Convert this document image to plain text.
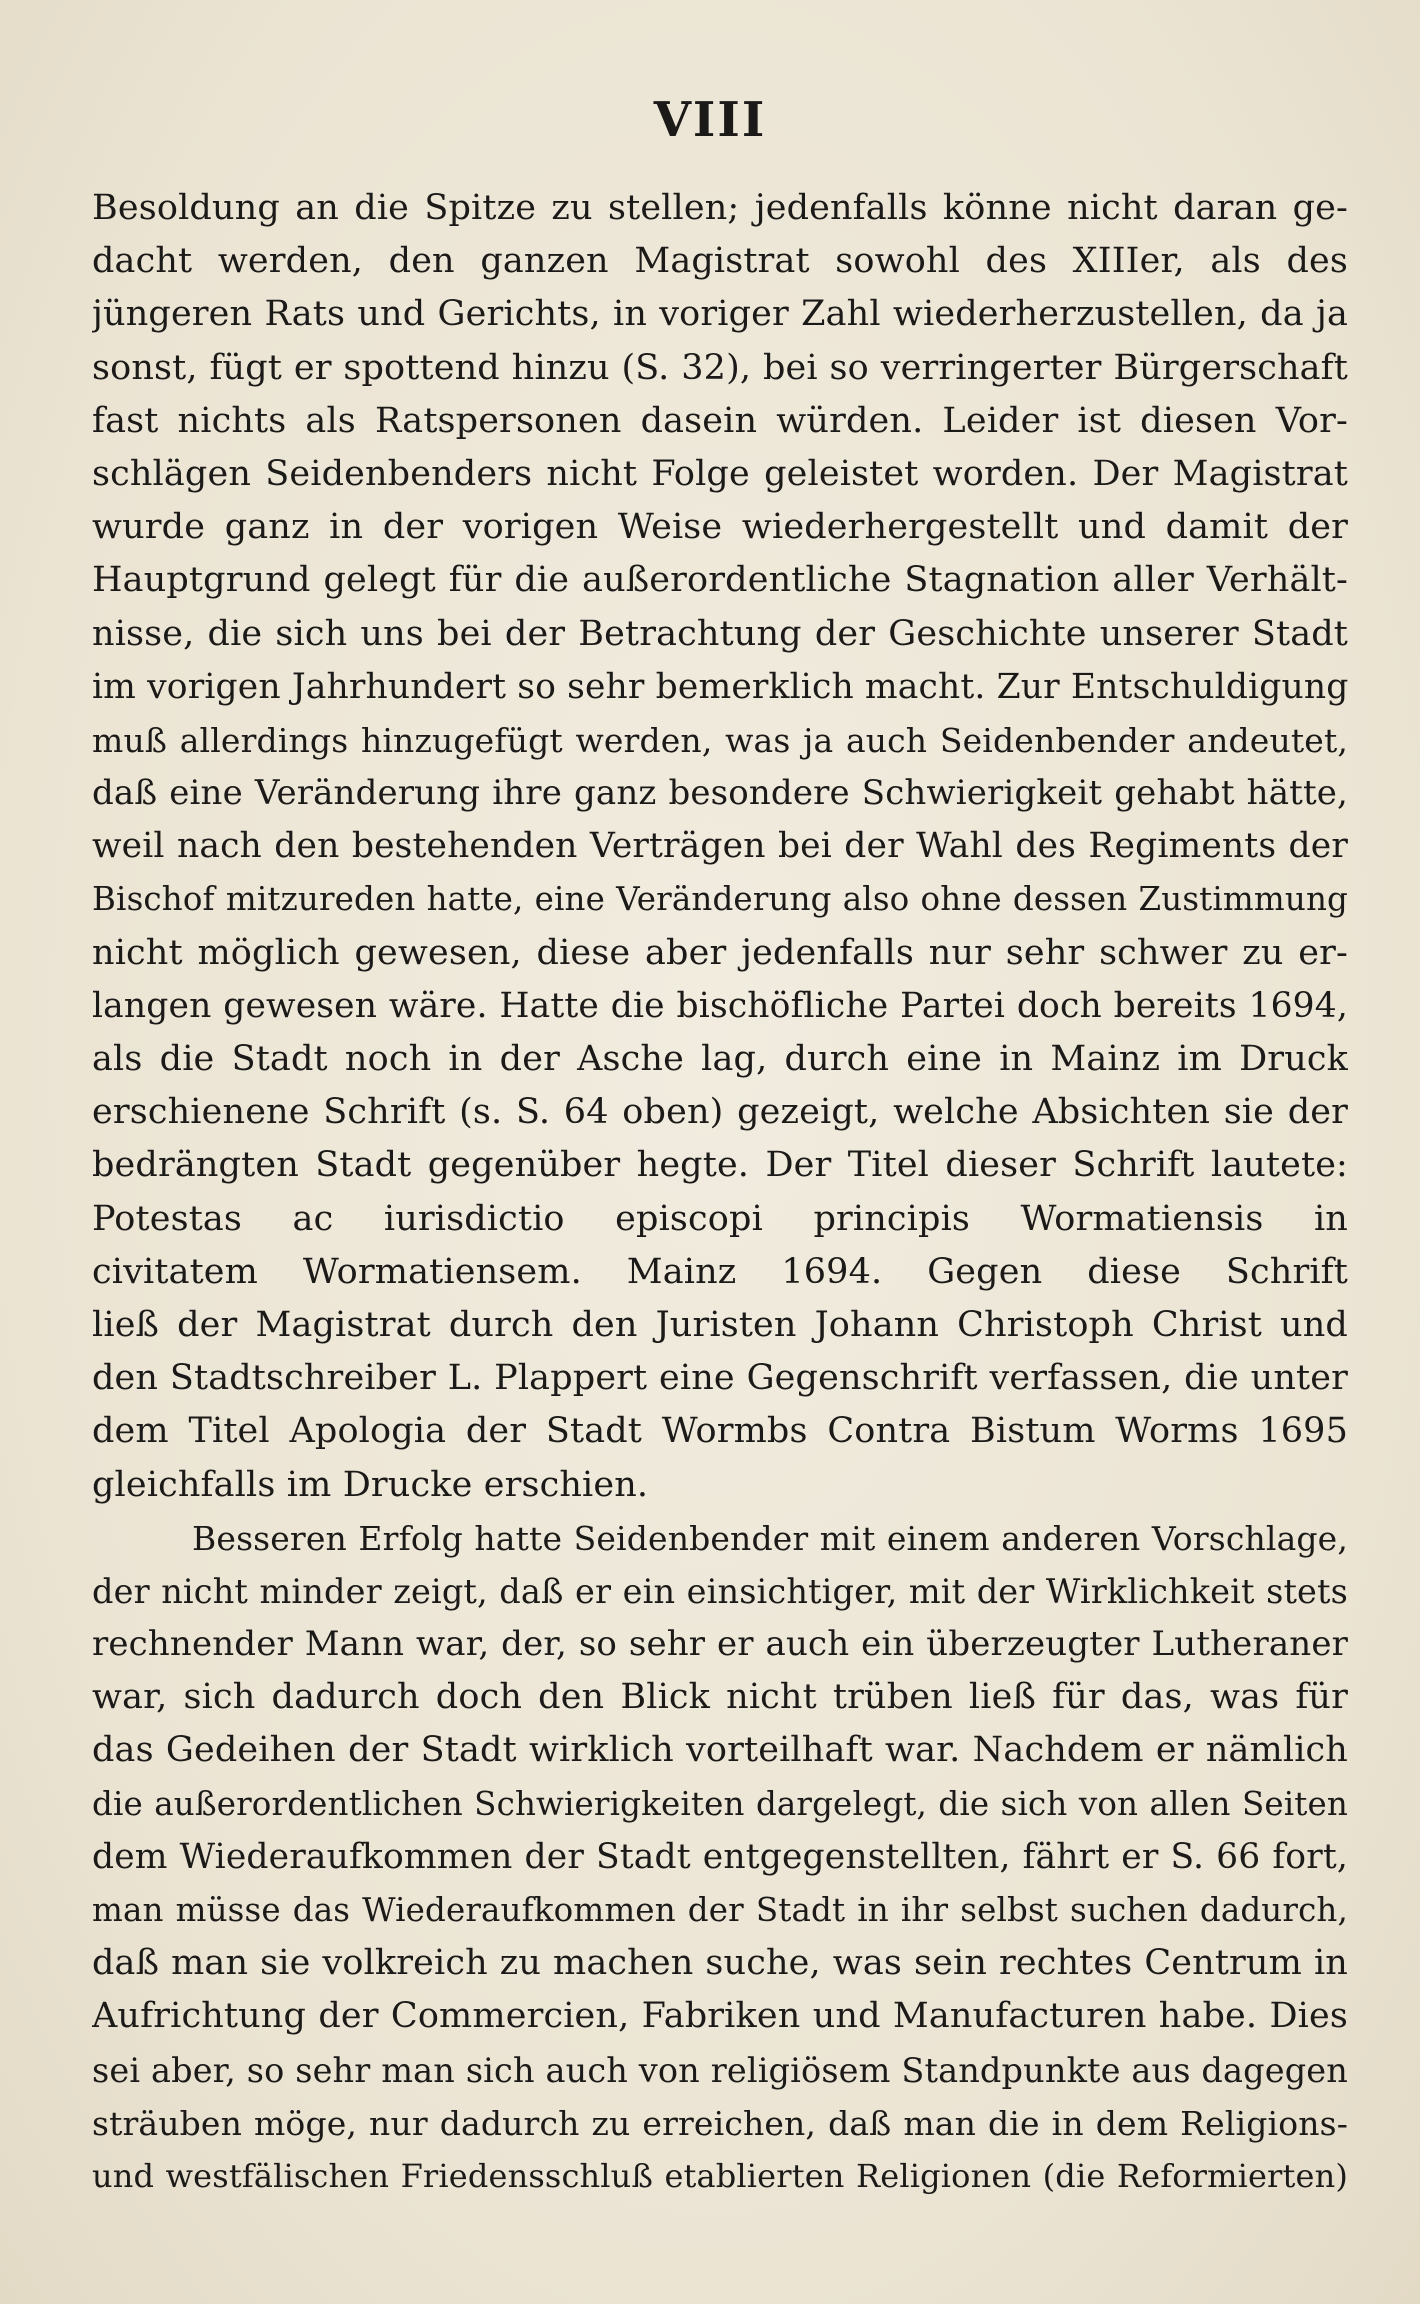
VIII
Besoldung an die Spitze zu stellen; jedenfalls könne nicht daran ge-
dacht werden, den ganzen Magistrat sowohl des XIIIer, als des
jüngeren Rats und Gerichts, in voriger Zahl wiederherzustellen, da ja
sonst, fügt er spottend hinzu (S. 32), bei so verringerter Bürgerschaft
fast nichts als Ratspersonen dasein würden. Leider ist diesen Vor-
schlägen Seidenbenders nicht Folge geleistet worden. Der Magistrat
wurde ganz in der vorigen Weise wiederhergestellt und damit der
Hauptgrund gelegt für die außerordentliche Stagnation aller Verhält-
nisse, die sich uns bei der Betrachtung der Geschichte unserer Stadt
im vorigen Jahrhundert so sehr bemerklich macht. Zur Entschuldigung
muß allerdings hinzugefügt werden, was ja auch Seidenbender andeutet,
daß eine Veränderung ihre ganz besondere Schwierigkeit gehabt hätte,
weil nach den bestehenden Verträgen bei der Wahl des Regiments der
Bischof mitzureden hatte, eine Veränderung also ohne dessen Zustimmung
nicht möglich gewesen, diese aber jedenfalls nur sehr schwer zu er-
langen gewesen wäre. Hatte die bischöfliche Partei doch bereits 1694,
als die Stadt noch in der Asche lag, durch eine in Mainz im Druck
erschienene Schrift (s. S. 64 oben) gezeigt, welche Absichten sie der
bedrängten Stadt gegenüber hegte. Der Titel dieser Schrift lautete:
Potestas ac iurisdictio episcopi principis Wormatiensis in
civitatem Wormatiensem. Mainz 1694. Gegen diese Schrift
ließ der Magistrat durch den Juristen Johann Christoph Christ und
den Stadtschreiber L. Plappert eine Gegenschrift verfassen, die unter
dem Titel Apologia der Stadt Wormbs Contra Bistum Worms 1695
gleichfalls im Drucke erschien.
Besseren Erfolg hatte Seidenbender mit einem anderen Vorschlage,
der nicht minder zeigt, daß er ein einsichtiger, mit der Wirklichkeit stets
rechnender Mann war, der, so sehr er auch ein überzeugter Lutheraner
war, sich dadurch doch den Blick nicht trüben ließ für das, was für
das Gedeihen der Stadt wirklich vorteilhaft war. Nachdem er nämlich
die außerordentlichen Schwierigkeiten dargelegt, die sich von allen Seiten
dem Wiederaufkommen der Stadt entgegenstellten, fährt er S. 66 fort,
man müsse das Wiederaufkommen der Stadt in ihr selbst suchen dadurch,
daß man sie volkreich zu machen suche, was sein rechtes Centrum in
Aufrichtung der Commercien, Fabriken und Manufacturen habe. Dies
sei aber, so sehr man sich auch von religiösem Standpunkte aus dagegen
sträuben möge, nur dadurch zu erreichen, daß man die in dem Religions-
und westfälischen Friedensschluß etablierten Religionen (die Reformierten)
